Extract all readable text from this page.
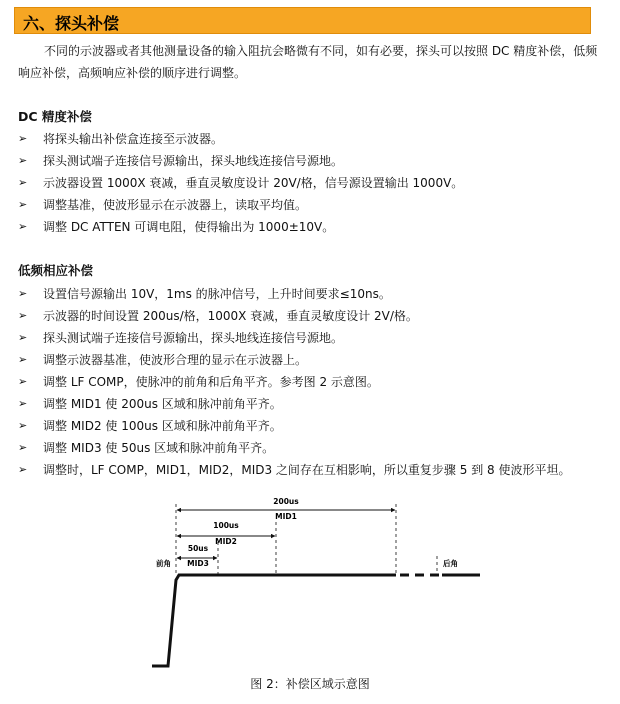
六、探头补偿
不同的示波器或者其他测量设备的输入阻抗会略微有不同，如有必要，探头可以按照 DC 精度补偿，低频响应补偿，高频响应补偿的顺序进行调整。
DC 精度补偿
➢ 将探头输出补偿盒连接至示波器。
➢ 探头测试端子连接信号源输出，探头地线连接信号源地。
➢ 示波器设置 1000X 衰减，垂直灵敏度设计 20V/格，信号源设置输出 1000V。
➢ 调整基准，使波形显示在示波器上，读取平均值。
➢ 调整 DC ATTEN 可调电阻，使得输出为 1000±10V。
低频相应补偿
➢ 设置信号源输出 10V，1ms 的脉冲信号，上升时间要求≤10ns。
➢ 示波器的时间设置 200us/格，1000X 衰减，垂直灵敏度设计 2V/格。
➢ 探头测试端子连接信号源输出，探头地线连接信号源地。
➢ 调整示波器基准，使波形合理的显示在示波器上。
➢ 调整 LF COMP，使脉冲的前角和后角平齐。参考图 2 示意图。
➢ 调整 MID1 使 200us 区域和脉冲前角平齐。
➢ 调整 MID2 使 100us 区域和脉冲前角平齐。
➢ 调整 MID3 使 50us 区域和脉冲前角平齐。
➢ 调整时，LF COMP，MID1，MID2，MID3 之间存在互相影响，所以重复步骤 5 到 8 使波形平坦。
200us
MID1
100us
MID2
50us
MID3
前角	后角
图 2：补偿区域示意图
